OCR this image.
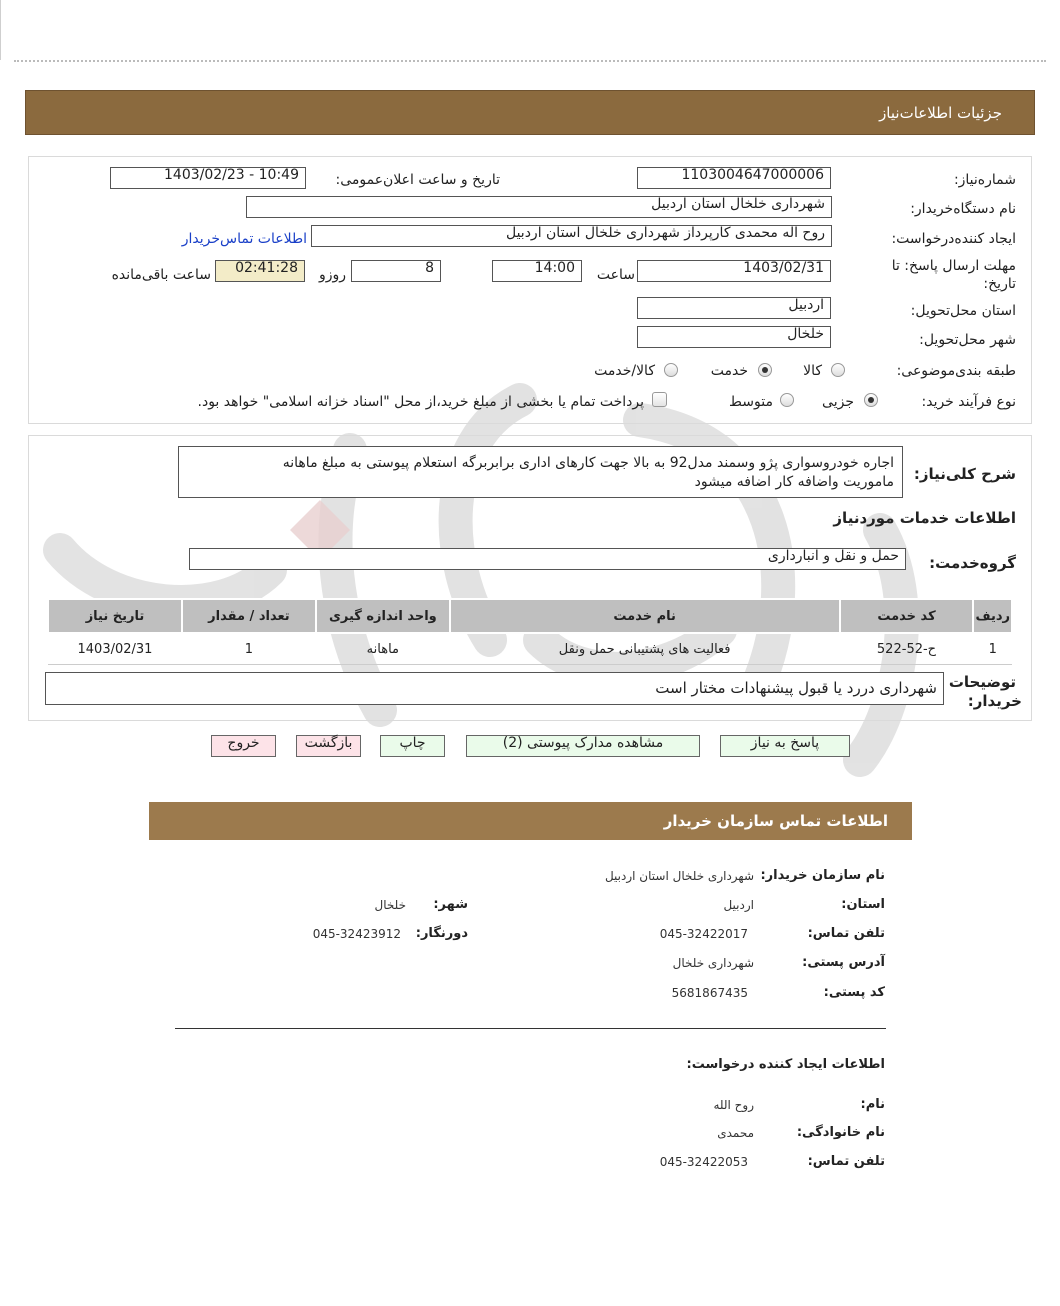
جزئیات اطلاعات‌نیاز
شماره‌نیاز:
1103004647000006
تاریخ و ساعت اعلان‌عمومی:
1403/02/23 - 10:49
نام دستگاه‌خریدار:
شهرداری خلخال استان اردبیل
ایجاد کننده‌درخواست:
روح اله محمدی کارپرداز شهرداری خلخال استان اردبیل
اطلاعات تماس‌خریدار
مهلت ارسال پاسخ: تا
تاریخ:
1403/02/31
ساعت
14:00
8
روزو
02:41:28
ساعت باقی‌مانده
استان محل‌تحویل:
اردبیل
شهر محل‌تحویل:
خلخال
طبقه بندی‌موضوعی:
کالا
خدمت
کالا/خدمت
نوع فرآیند خرید:
جزیی
متوسط
پرداخت تمام یا بخشی از مبلغ خرید،از محل "اسناد خزانه اسلامی" خواهد بود.
شرح کلی‌نیاز:
اجاره خودروسواری پژو وسمند مدل92 به بالا جهت کارهای اداری برابربرگه استعلام پیوستی به مبلغ ماهانه
ماموریت واضافه کار اضافه میشود
اطلاعات خدمات موردنیاز
گروه‌خدمت:
حمل و نقل و انبارداری
ردیف	کد خدمت	نام خدمت	واحد اندازه گیری	تعداد / مقدار	تاریخ نیاز
1	ح-52-522	فعالیت های پشتیبانی حمل ونقل	ماهانه	1	1403/02/31
توضیحات
خریدار:
شهرداری دررد یا قبول پیشنهادات مختار است
پاسخ به نیاز
مشاهده مدارک پیوستی (2)
چاپ
بازگشت
خروج
اطلاعات تماس سازمان خریدار
نام سازمان خریدار:
شهرداری خلخال استان اردبیل
استان:
اردبیل
شهر:
خلخال
تلفن تماس:
045-32422017
دورنگار:
045-32423912
آدرس پستی:
شهرداری خلخال
کد پستی:
5681867435
اطلاعات ایجاد کننده درخواست:
نام:
روح الله
نام خانوادگی:
محمدی
تلفن تماس:
045-32422053
